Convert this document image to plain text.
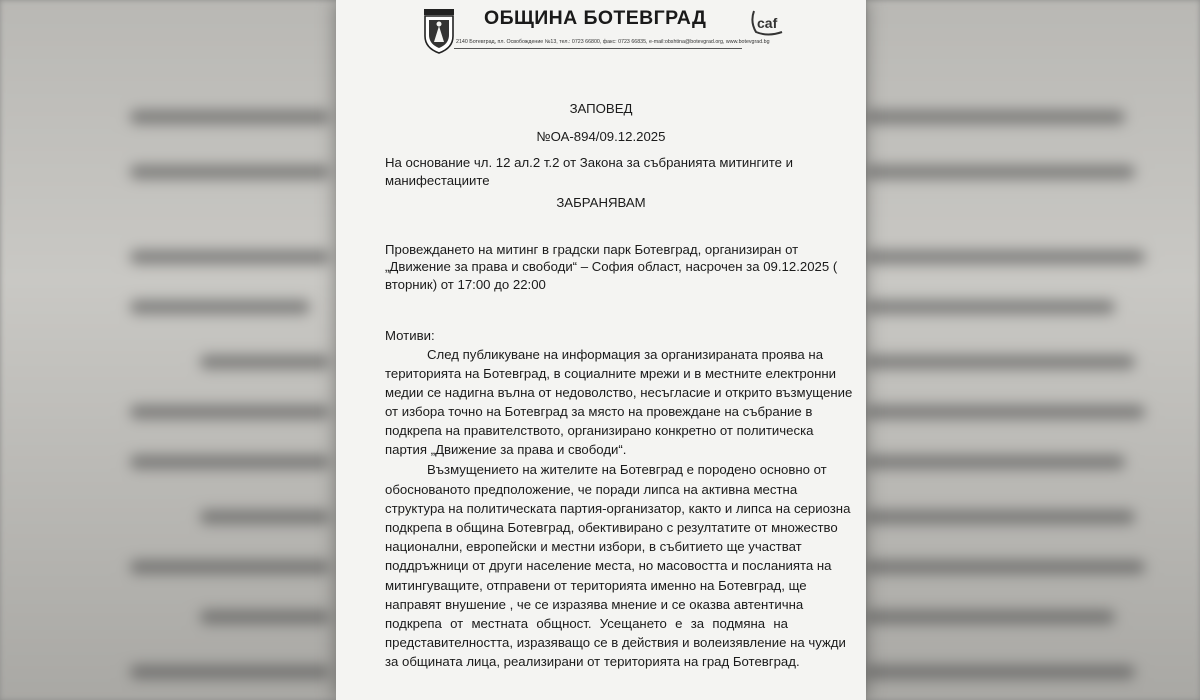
ОБЩИНА БОТЕВГРАД
2140 Ботевград, пл. Освобождение №13, тел.: 0723 66800, факс: 0723 66835, e-mail:obshtina@botevgrad.org, www.botevgrad.bg
caf
ЗАПОВЕД
№ОА-894/09.12.2025
На основание чл. 12 ал.2 т.2 от Закона за събранията митингите и
манифестациите
ЗАБРАНЯВАМ
Провеждането на митинг в градски парк Ботевград, организиран от
„Движение за права и свободи“ – София област, насрочен за 09.12.2025 (
вторник) от 17:00 до 22:00
Мотиви:
След публикуване на информация за организираната проява на
територията на Ботевград, в социалните мрежи и в местните електронни
медии се надигна вълна от недоволство, несъгласие и открито възмущение
от избора точно на Ботевград за място на провеждане на събрание в
подкрепа на правителството, организирано конкретно от политическа
партия „Движение за права и свободи“.
Възмущението на жителите на Ботевград е породено основно от
обоснованото предположение, че поради липса на активна местна
структура на политическата партия-организатор, както и липса на сериозна
подкрепа в община Ботевград, обективирано с резултатите от множество
национални, европейски и местни избори, в събитието ще участват
поддръжници от други население места, но масовостта и посланията на
митингуващите, отправени от територията именно на Ботевград, ще
направят внушение , че се изразява мнение и се оказва автентична
подкрепа от местната общност. Усещането е за подмяна на
представителността, изразяващо се в действия и волеизявление на чужди
за общината лица, реализирани от територията на град Ботевград.
